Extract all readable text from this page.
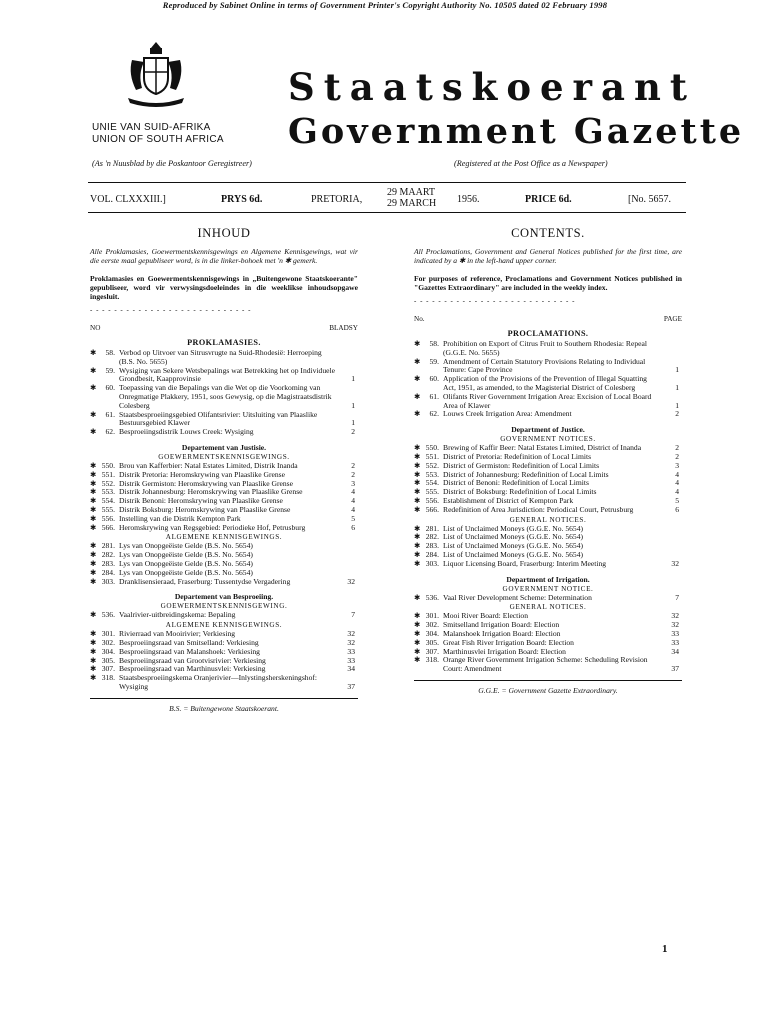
Reproduced by Sabinet Online in terms of Government Printer's Copyright Authority No. 10505 dated 02 February 1998
UNIE VAN SUID-AFRIKA
UNION OF SOUTH AFRICA
Staatskoerant
Government Gazette
(As 'n Nuusblad by die Poskantoor Geregistreer)	(Registered at the Post Office as a Newspaper)
VOL. CLXXXIII.]	PRYS 6d.	PRETORIA,
29 MAART
29 MARCH 1956.	PRICE 6d.	[No. 5657.
INHOUD
Alle Proklamasies, Goewermentskennisgewings en Algemene Kennisgewings, wat vir die eerste maal gepubliseer word, is in die linker-bohoek met 'n ✱ gemerk.
Proklamasies en Goewermentskennisgewings in „Buitengewone Staatskoerante" gepubliseer, word vir verwysingsdoeleindes in die weeklikse inhoudsopgawe ingesluit.
- - - - - - - - - - - - - - - - - - - - - - - - - - -
NO	BLADSY
PROKLAMASIES.
✱	58. Verbod op Uitvoer van Sitrusvrugte na Suid-Rhodesië: Herroeping (B.S. No. 5655)
✱	59. Wysiging van Sekere Wetsbepalings wat Betrekking het op Individuele Grondbesit, Kaapprovinsie	1
✱	60. Toepassing van die Bepalings van die Wet op die Voorkoming van Onregmatige Plakkery, 1951, soos Gewysig, op die Magistraatsdistrik Colesberg	1
✱	61. Staatsbesproeiingsgebied Olifantsrivier: Uitsluiting van Plaaslike Bestuursgebied Klawer	1
✱	62. Besproeiingsdistrik Louws Creek: Wysiging	2
Departement van Justisie.
GOEWERMENTSKENNISGEWINGS.
✱ 550. Brou van Kafferbier: Natal Estates Limited, Distrik Inanda	2
✱ 551. Distrik Pretoria: Heromskrywing van Plaaslike Grense	2
✱ 552. Distrik Germiston: Heromskrywing van Plaaslike Grense	3
✱ 553. Distrik Johannesburg: Heromskrywing van Plaaslike Grense	4
✱ 554. Distrik Benoni: Heromskrywing van Plaaslike Grense	4
✱ 555. Distrik Boksburg: Heromskrywing van Plaaslike Grense	4
✱ 556. Instelling van die Distrik Kempton Park	5
✱ 566. Heromskrywing van Regsgebied: Periodieke Hof, Petrusburg	6
ALGEMENE KENNISGEWINGS.
✱ 281. Lys van Onopgeëiste Gelde (B.S. No. 5654)
✱ 282. Lys van Onopgeëiste Gelde (B.S. No. 5654)
✱ 283. Lys van Onopgeëiste Gelde (B.S. No. 5654)
✱ 284. Lys van Onopgeëiste Gelde (B.S. No. 5654)
✱ 303. Dranklisensieraad, Fraserburg: Tussentydse Vergadering	32
Departement van Besproeiing.
GOEWERMENTSKENNISGEWING.
✱ 536. Vaalrivier-uitbreidingskema: Bepaling	7
ALGEMENE KENNISGEWINGS.
✱ 301. Rivierraad van Mooirivier; Verkiesing	32
✱ 302. Besproeiingsraad van Smitselland: Verkiesing	32
✱ 304. Besproeiingsraad van Malanshoek: Verkiesing	33
✱ 305. Besproeiingsraad van Grootvisrivier: Verkiesing	33
✱ 307. Besproeiingsraad van Marthinusvlei: Verkiesing	34
✱ 318. Staatsbesproeiingskema Oranjerivier—Inlystingsherskeningshof: Wysiging	37
B.S. = Buitengewone Staatskoerant.
CONTENTS.
All Proclamations, Government and General Notices published for the first time, are indicated by a ✱ in the left-hand upper corner.
For purposes of reference, Proclamations and Government Notices published in "Gazettes Extraordinary" are included in the weekly index.
- - - - - - - - - - - - - - - - - - - - - - - - - - -
No.	PAGE
PROCLAMATIONS.
✱	58. Prohibition on Export of Citrus Fruit to Southern Rhodesia: Repeal (G.G.E. No. 5655)
✱	59. Amendment of Certain Statutory Provisions Relating to Individual Tenure: Cape Province	1
✱	60. Application of the Provisions of the Prevention of Illegal Squatting Act, 1951, as amended, to the Magisterial District of Colesberg	1
✱	61. Olifants River Government Irrigation Area: Excision of Local Board Area of Klawer	1
✱	62. Louws Creek Irrigation Area: Amendment	2
Department of Justice.
GOVERNMENT NOTICES.
✱ 550. Brewing of Kaffir Beer: Natal Estates Limited, District of Inanda	2
✱ 551. District of Pretoria: Redefinition of Local Limits	2
✱ 552. District of Germiston: Redefinition of Local Limits	3
✱ 553. District of Johannesburg: Redefinition of Local Limits	4
✱ 554. District of Benoni: Redefinition of Local Limits	4
✱ 555. District of Boksburg: Redefinition of Local Limits	4
✱ 556. Establishment of District of Kempton Park	5
✱ 566. Redefinition of Area Jurisdiction: Periodical Court, Petrusburg	6
GENERAL NOTICES.
✱ 281. List of Unclaimed Moneys (G.G.E. No. 5654)
✱ 282. List of Unclaimed Moneys (G.G.E. No. 5654)
✱ 283. List of Unclaimed Moneys (G.G.E. No. 5654)
✱ 284. List of Unclaimed Moneys (G.G.E. No. 5654)
✱ 303. Liquor Licensing Board, Fraserburg: Interim Meeting	32
Department of Irrigation.
GOVERNMENT NOTICE.
✱ 536. Vaal River Development Scheme: Determination	7
GENERAL NOTICES.
✱ 301. Mooi River Board: Election	32
✱ 302. Smitselland Irrigation Board: Election	32
✱ 304. Malanshoek Irrigation Board: Election	33
✱ 305. Great Fish River Irrigation Board: Election	33
✱ 307. Marthinusvlei Irrigation Board: Election	34
✱ 318. Orange River Government Irrigation Scheme: Scheduling Revision Court: Amendment	37
G.G.E. = Government Gazette Extraordinary.
1
